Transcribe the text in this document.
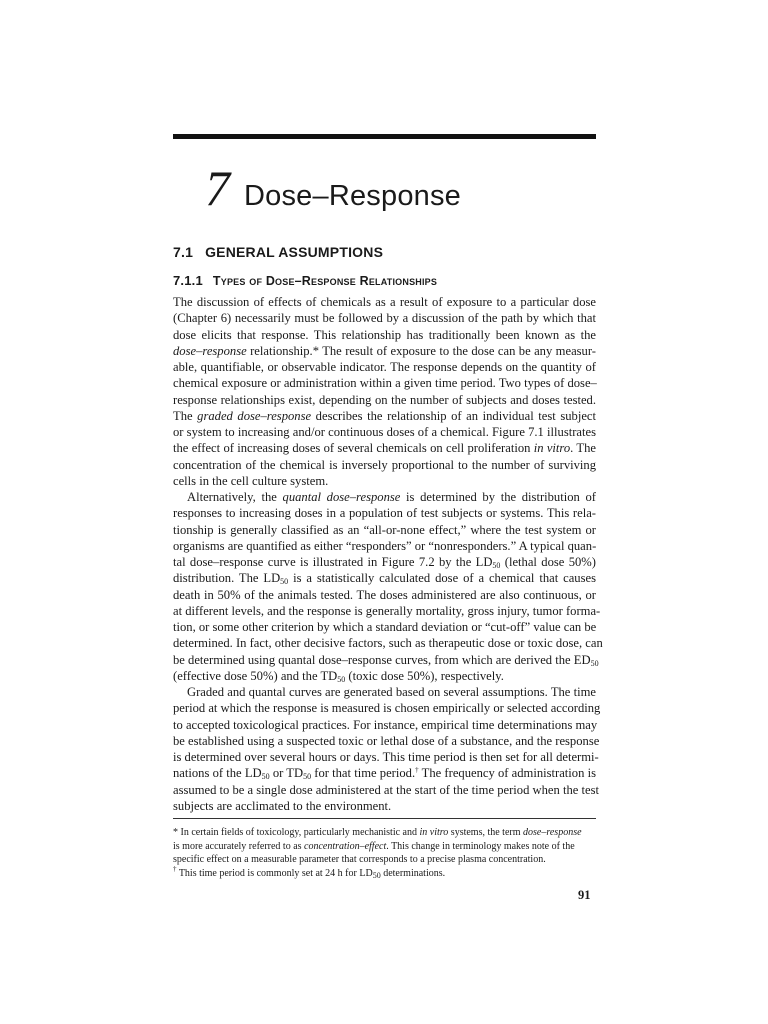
7 Dose–Response
7.1 GENERAL ASSUMPTIONS
7.1.1 Types of Dose–Response Relationships

The discussion of effects of chemicals as a result of exposure to a particular dose
(Chapter 6) necessarily must be followed by a discussion of the path by which that
dose elicits that response. This relationship has traditionally been known as the
dose–response relationship.* The result of exposure to the dose can be any measur-
able, quantifiable, or observable indicator. The response depends on the quantity of
chemical exposure or administration within a given time period. Two types of dose–
response relationships exist, depending on the number of subjects and doses tested.
The graded dose–response describes the relationship of an individual test subject
or system to increasing and/or continuous doses of a chemical. Figure 7.1 illustrates
the effect of increasing doses of several chemicals on cell proliferation in vitro. The
concentration of the chemical is inversely proportional to the number of surviving
cells in the cell culture system.

Alternatively, the quantal dose–response is determined by the distribution of
responses to increasing doses in a population of test subjects or systems. This rela-
tionship is generally classified as an “all-or-none effect,” where the test system or
organisms are quantified as either “responders” or “nonresponders.” A typical quan-
tal dose–response curve is illustrated in Figure 7.2 by the $LD_{50}$ (lethal dose 50%)
distribution. The $LD_{50}$ is a statistically calculated dose of a chemical that causes
death in 50% of the animals tested. The doses administered are also continuous, or
at different levels, and the response is generally mortality, gross injury, tumor forma-
tion, or some other criterion by which a standard deviation or “cut-off” value can be
determined. In fact, other decisive factors, such as therapeutic dose or toxic dose, can
be determined using quantal dose–response curves, from which are derived the $ED_{50}$
(effective dose 50%) and the $TD_{50}$ (toxic dose 50%), respectively.

Graded and quantal curves are generated based on several assumptions. The time
period at which the response is measured is chosen empirically or selected according
to accepted toxicological practices. For instance, empirical time determinations may
be established using a suspected toxic or lethal dose of a substance, and the response
is determined over several hours or days. This time period is then set for all determi-
nations of the $LD_{50}$ or $TD_{50}$ for that time period.† The frequency of administration is
assumed to be a single dose administered at the start of the time period when the test
subjects are acclimated to the environment.

* In certain fields of toxicology, particularly mechanistic and in vitro systems, the term dose–response
is more accurately referred to as concentration–effect. This change in terminology makes note of the
specific effect on a measurable parameter that corresponds to a precise plasma concentration.
† This time period is commonly set at 24 h for $LD_{50}$ determinations.
91
